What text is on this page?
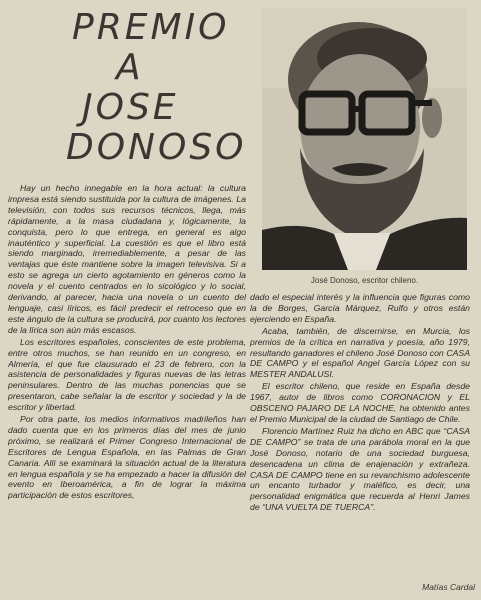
PREMIO
A
JOSE
DONOSO
José Donoso, escritor chileno.

Hay un hecho innegable en la hora actual: la cultura impresa está siendo sustituida por la cultura de imágenes. La televisión, con todos sus recursos técnicos, llega, más rápidamente, a la masa ciudadana y, lógicamente, la conquista, pero lo que entrega, en general es algo inauténtico y superficial. La cuestión es que el libro está siendo marginado, irremediablemente, a pesar de las ventajas que éste mantiene sobre la imagen televisiva. Si a esto se agrega un cierto agotamiento en géneros como la novela y el cuento centrados en lo sicológico y lo social, derivando, al parecer, hacia una novela o un cuento del lenguaje, casi líricos, es fácil predecir el retroceso que en este ángulo de la cultura se producirá, por cuanto los lectores de la lírica son aún más escasos.

Los escritores españoles, conscientes de este problema, entre otros muchos, se han reunido en un congreso, en Almería, el que fue clausurado el 23 de febrero, con la asistencia de personalidades y figuras nuevas de las letras peninsulares. Dentro de las muchas ponencias que se presentaron, cabe señalar la de escritor y sociedad y la de escritor y libertad.

Por otra parte, los medios informativos madrileños han dado cuenta que en los primeros días del mes de junio próximo, se realizará el Primer Congreso Internacional de Escritores de Lengua Española, en las Palmas de Gran Canaria. Allí se examinará la situación actual de la literatura en lengua española y se ha empezado a hacer la difusión del evento en Iberoamérica, a fin de lograr la máxima participación de estos escritores,

dado el especial interés y la influencia que figuras como la de Borges, García Márquez, Rulfo y otros están ejerciendo en España.

Acaba, también, de discernirse, en Murcia, los premios de la crítica en narrativa y poesía, año 1979, resultando ganadores el chileno José Donoso con CASA DE CAMPO y el español Angel García López con su MESTER ANDALUSI.

El escritor chileno, que reside en España desde 1967, autor de libros como CORONACION y EL OBSCENO PAJARO DE LA NOCHE, ha obtenido antes el Premio Municipal de la ciudad de Santiago de Chile.

Florencio Martínez Ruiz ha dicho en ABC que “CASA DE CAMPO” se trata de una parábola moral en la que José Donoso, notario de una sociedad burguesa, desencadena un clima de enajenación y extrañeza. CASA DE CAMPO tiene en su revanchismo adolescente un encanto turbador y maléfico, es decir, una personalidad enigmática que recuerda al Henri James de “UNA VUELTA DE TUERCA”.

Matías Cardal
